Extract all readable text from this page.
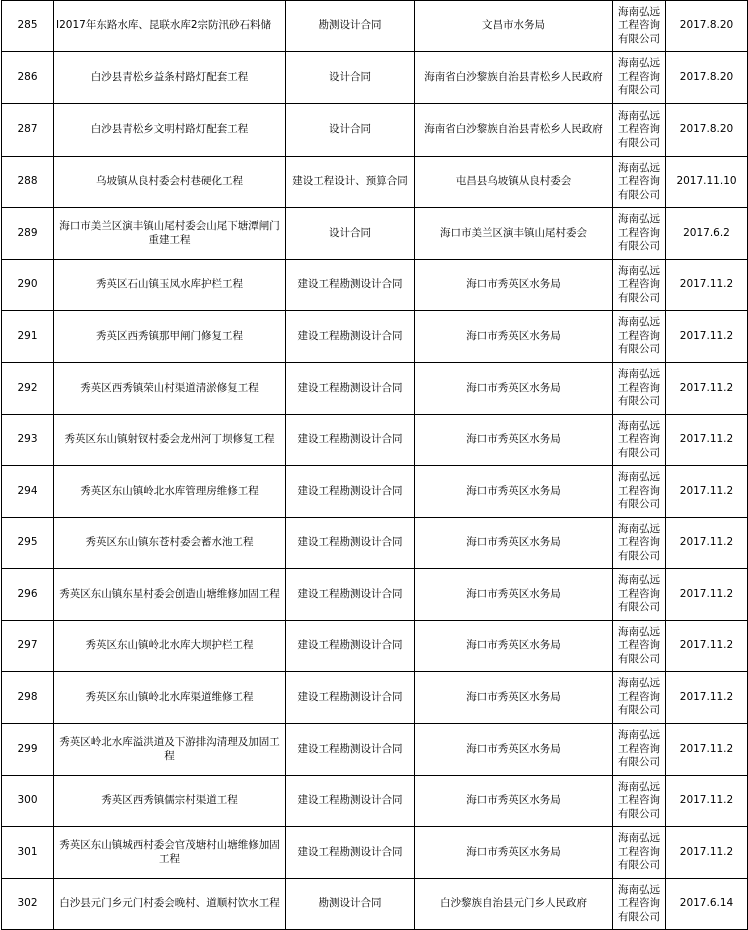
285	I2017年东路水库、昆联水库2宗防汛砂石料储	勘测设计合同	文昌市水务局	海南弘远工程咨询有限公司	2017.8.20
286	白沙县青松乡益条村路灯配套工程	设计合同	海南省白沙黎族自治县青松乡人民政府	海南弘远工程咨询有限公司	2017.8.20
287	白沙县青松乡文明村路灯配套工程	设计合同	海南省白沙黎族自治县青松乡人民政府	海南弘远工程咨询有限公司	2017.8.20
288	乌坡镇从良村委会村巷硬化工程	建设工程设计、预算合同	屯昌县乌坡镇从良村委会	海南弘远工程咨询有限公司	2017.11.10
289	海口市美兰区演丰镇山尾村委会山尾下塘潭闸门重建工程	设计合同	海口市美兰区演丰镇山尾村委会	海南弘远工程咨询有限公司	2017.6.2
290	秀英区石山镇玉凤水库护栏工程	建设工程勘测设计合同	海口市秀英区水务局	海南弘远工程咨询有限公司	2017.11.2
291	秀英区西秀镇那甲闸门修复工程	建设工程勘测设计合同	海口市秀英区水务局	海南弘远工程咨询有限公司	2017.11.2
292	秀英区西秀镇荣山村渠道清淤修复工程	建设工程勘测设计合同	海口市秀英区水务局	海南弘远工程咨询有限公司	2017.11.2
293	秀英区东山镇射钗村委会龙州河丁坝修复工程	建设工程勘测设计合同	海口市秀英区水务局	海南弘远工程咨询有限公司	2017.11.2
294	秀英区东山镇岭北水库管理房维修工程	建设工程勘测设计合同	海口市秀英区水务局	海南弘远工程咨询有限公司	2017.11.2
295	秀英区东山镇东苍村委会蓄水池工程	建设工程勘测设计合同	海口市秀英区水务局	海南弘远工程咨询有限公司	2017.11.2
296	秀英区东山镇东星村委会创造山塘维修加固工程	建设工程勘测设计合同	海口市秀英区水务局	海南弘远工程咨询有限公司	2017.11.2
297	秀英区东山镇岭北水库大坝护栏工程	建设工程勘测设计合同	海口市秀英区水务局	海南弘远工程咨询有限公司	2017.11.2
298	秀英区东山镇岭北水库渠道维修工程	建设工程勘测设计合同	海口市秀英区水务局	海南弘远工程咨询有限公司	2017.11.2
299	秀英区岭北水库溢洪道及下游排沟清理及加固工程	建设工程勘测设计合同	海口市秀英区水务局	海南弘远工程咨询有限公司	2017.11.2
300	秀英区西秀镇儒宗村渠道工程	建设工程勘测设计合同	海口市秀英区水务局	海南弘远工程咨询有限公司	2017.11.2
301	秀英区东山镇城西村委会官茂塘村山塘维修加固工程	建设工程勘测设计合同	海口市秀英区水务局	海南弘远工程咨询有限公司	2017.11.2
302	白沙县元门乡元门村委会晚村、道顺村饮水工程	勘测设计合同	白沙黎族自治县元门乡人民政府	海南弘远工程咨询有限公司	2017.6.14
